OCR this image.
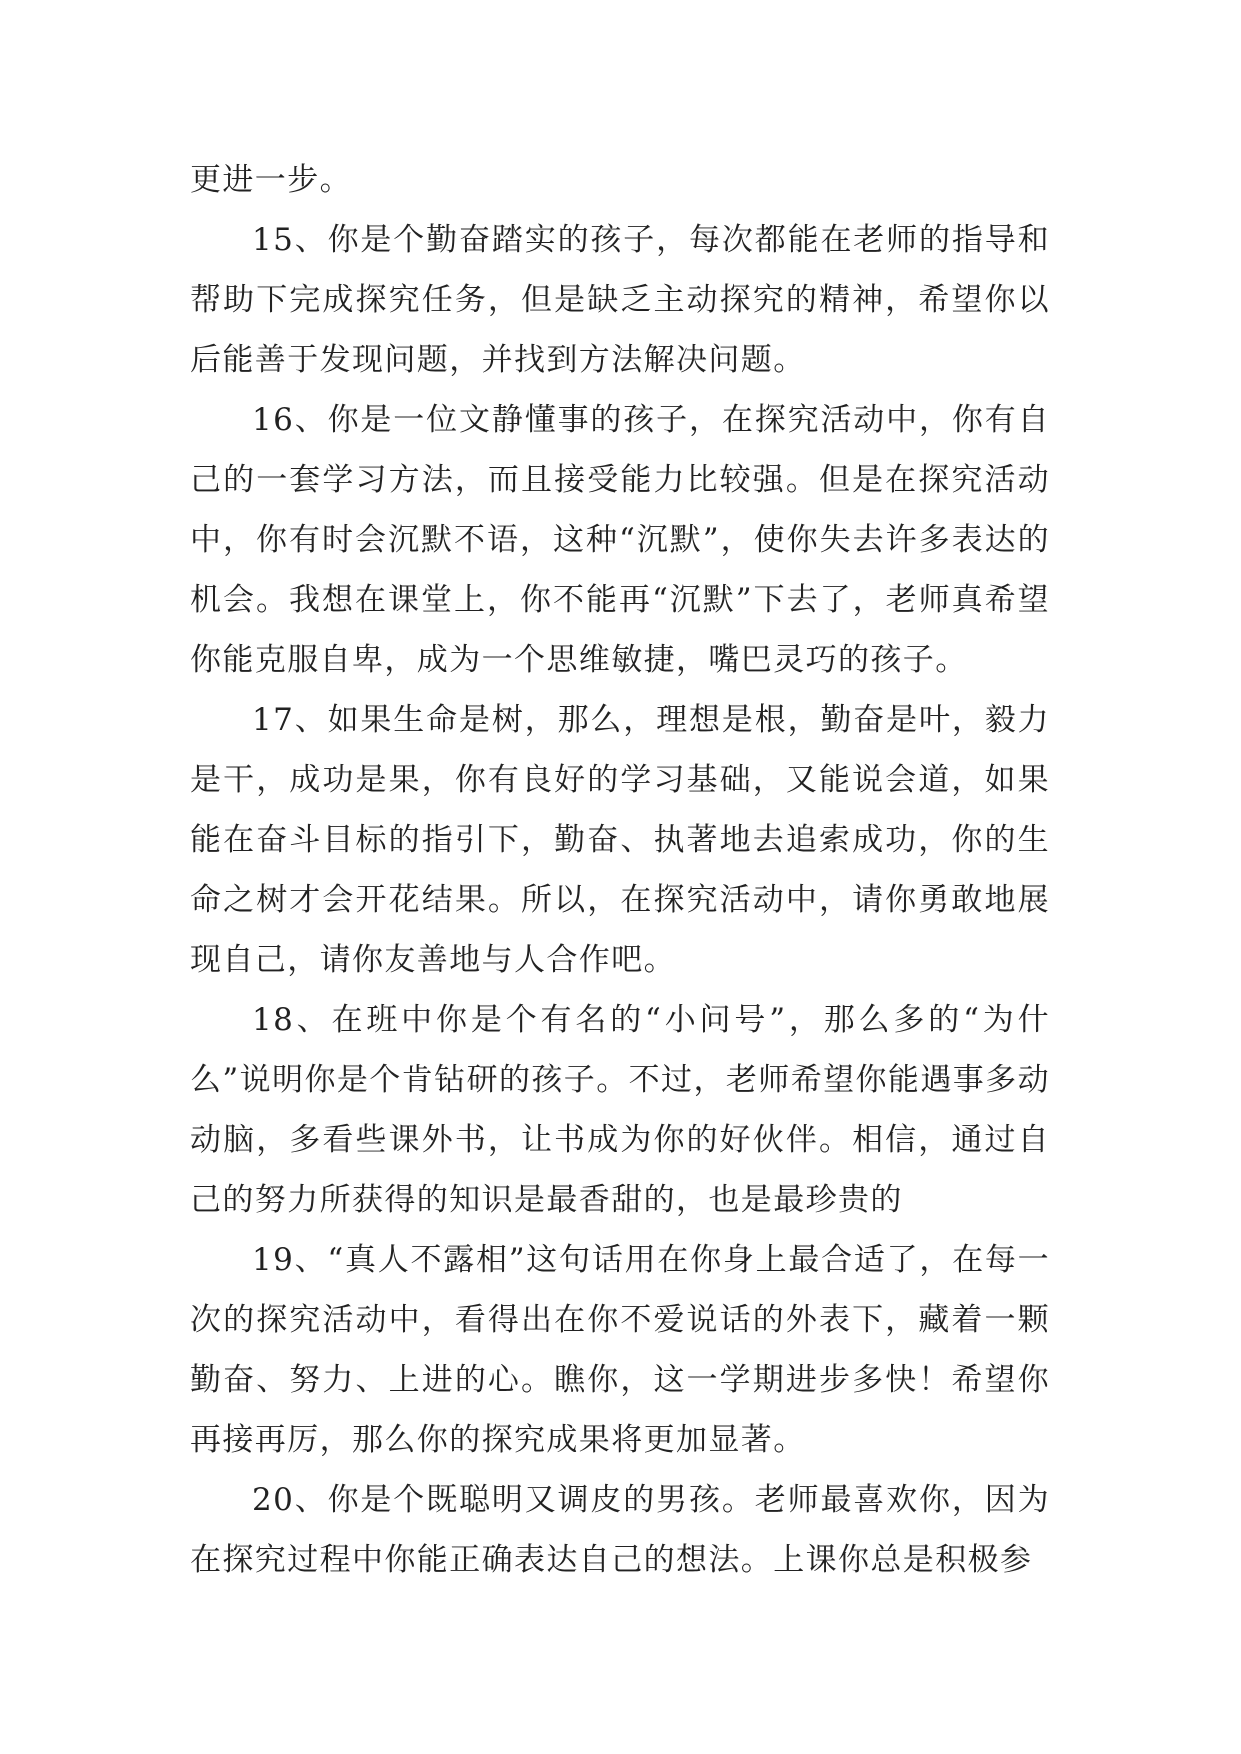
更进一步。

15、你是个勤奋踏实的孩子，每次都能在老师的指导和帮助下完成探究任务，但是缺乏主动探究的精神，希望你以后能善于发现问题，并找到方法解决问题。

16、你是一位文静懂事的孩子，在探究活动中，你有自己的一套学习方法，而且接受能力比较强。但是在探究活动中，你有时会沉默不语，这种“沉默”，使你失去许多表达的机会。我想在课堂上，你不能再“沉默”下去了，老师真希望你能克服自卑，成为一个思维敏捷，嘴巴灵巧的孩子。

17、如果生命是树，那么，理想是根，勤奋是叶，毅力是干，成功是果，你有良好的学习基础，又能说会道，如果能在奋斗目标的指引下，勤奋、执著地去追索成功，你的生命之树才会开花结果。所以，在探究活动中，请你勇敢地展现自己，请你友善地与人合作吧。

18、在班中你是个有名的“小问号”，那么多的“为什么”说明你是个肯钻研的孩子。不过，老师希望你能遇事多动动脑，多看些课外书，让书成为你的好伙伴。相信，通过自己的努力所获得的知识是最香甜的，也是最珍贵的

19、“真人不露相”这句话用在你身上最合适了，在每一次的探究活动中，看得出在你不爱说话的外表下，藏着一颗勤奋、努力、上进的心。瞧你，这一学期进步多快！希望你再接再厉，那么你的探究成果将更加显著。

20、你是个既聪明又调皮的男孩。老师最喜欢你，因为在探究过程中你能正确表达自己的想法。上课你总是积极参
